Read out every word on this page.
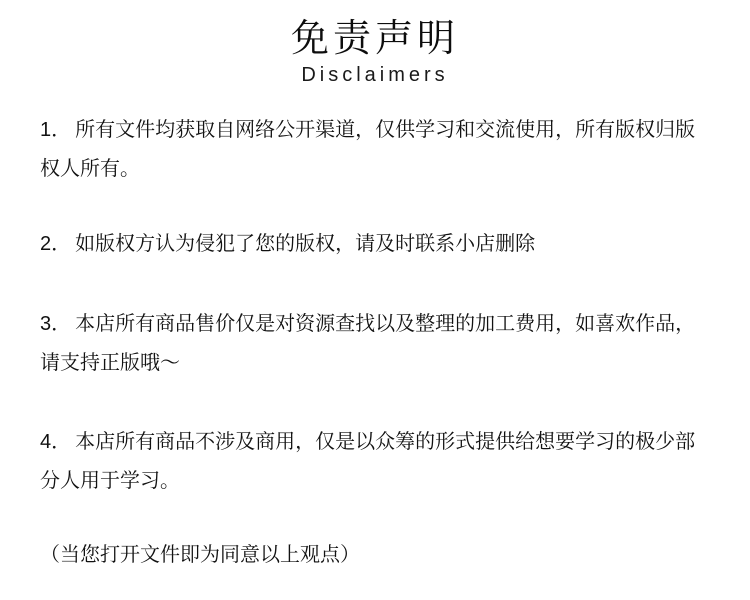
免责声明
Disclaimers
1． 所有文件均获取自网络公开渠道，仅供学习和交流使用，所有版权归版权人所有。
2． 如版权方认为侵犯了您的版权，请及时联系小店删除
3． 本店所有商品售价仅是对资源查找以及整理的加工费用，如喜欢作品，请支持正版哦～
4． 本店所有商品不涉及商用，仅是以众筹的形式提供给想要学习的极少部分人用于学习。
（当您打开文件即为同意以上观点）
